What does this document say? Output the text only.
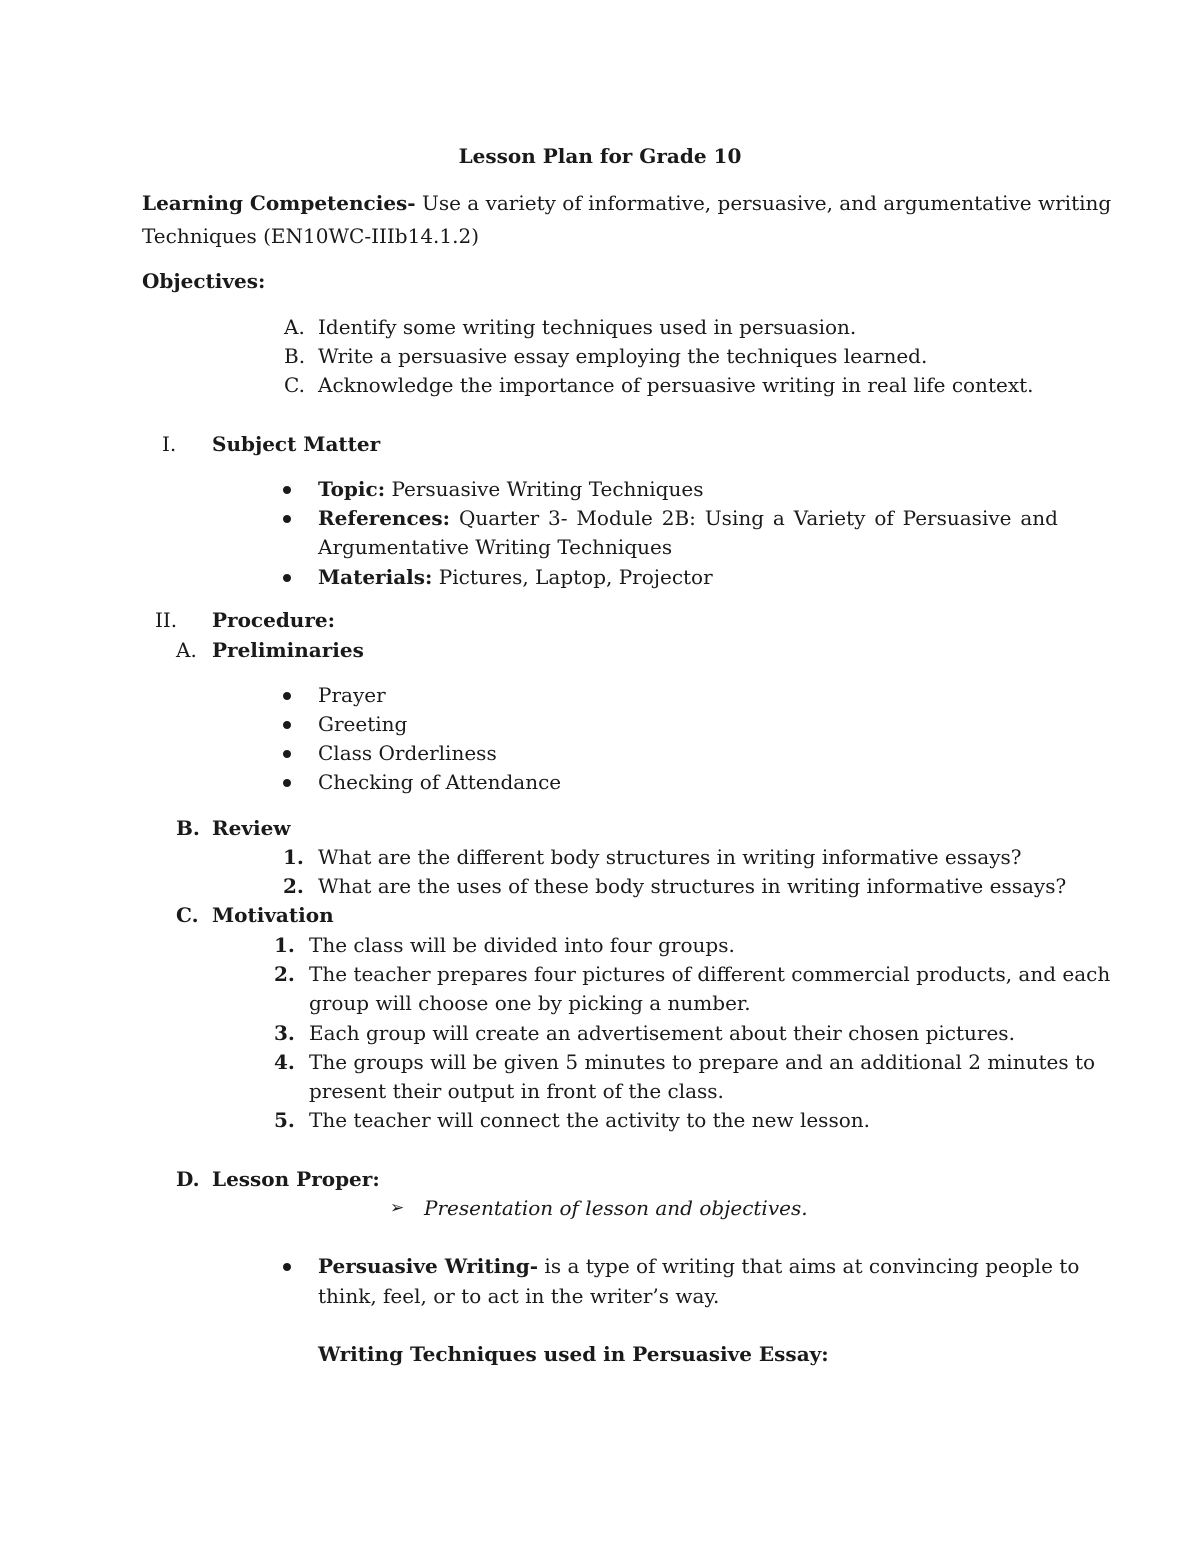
Lesson Plan for Grade 10
Learning Competencies- Use a variety of informative, persuasive, and argumentative writing
Techniques (EN10WC-IIIb14.1.2)
Objectives:
A. Identify some writing techniques used in persuasion.
B. Write a persuasive essay employing the techniques learned.
C. Acknowledge the importance of persuasive writing in real life context.
I. Subject Matter
Topic: Persuasive Writing Techniques
References: Quarter 3- Module 2B: Using a Variety of Persuasive and
Argumentative Writing Techniques
Materials: Pictures, Laptop, Projector
II. Procedure:
A. Preliminaries
Prayer
Greeting
Class Orderliness
Checking of Attendance
B. Review
1. What are the different body structures in writing informative essays?
2. What are the uses of these body structures in writing informative essays?
C. Motivation
1. The class will be divided into four groups.
2. The teacher prepares four pictures of different commercial products, and each
group will choose one by picking a number.
3. Each group will create an advertisement about their chosen pictures.
4. The groups will be given 5 minutes to prepare and an additional 2 minutes to
present their output in front of the class.
5. The teacher will connect the activity to the new lesson.
D. Lesson Proper:
➢ Presentation of lesson and objectives.
Persuasive Writing- is a type of writing that aims at convincing people to
think, feel, or to act in the writer’s way.
Writing Techniques used in Persuasive Essay:
